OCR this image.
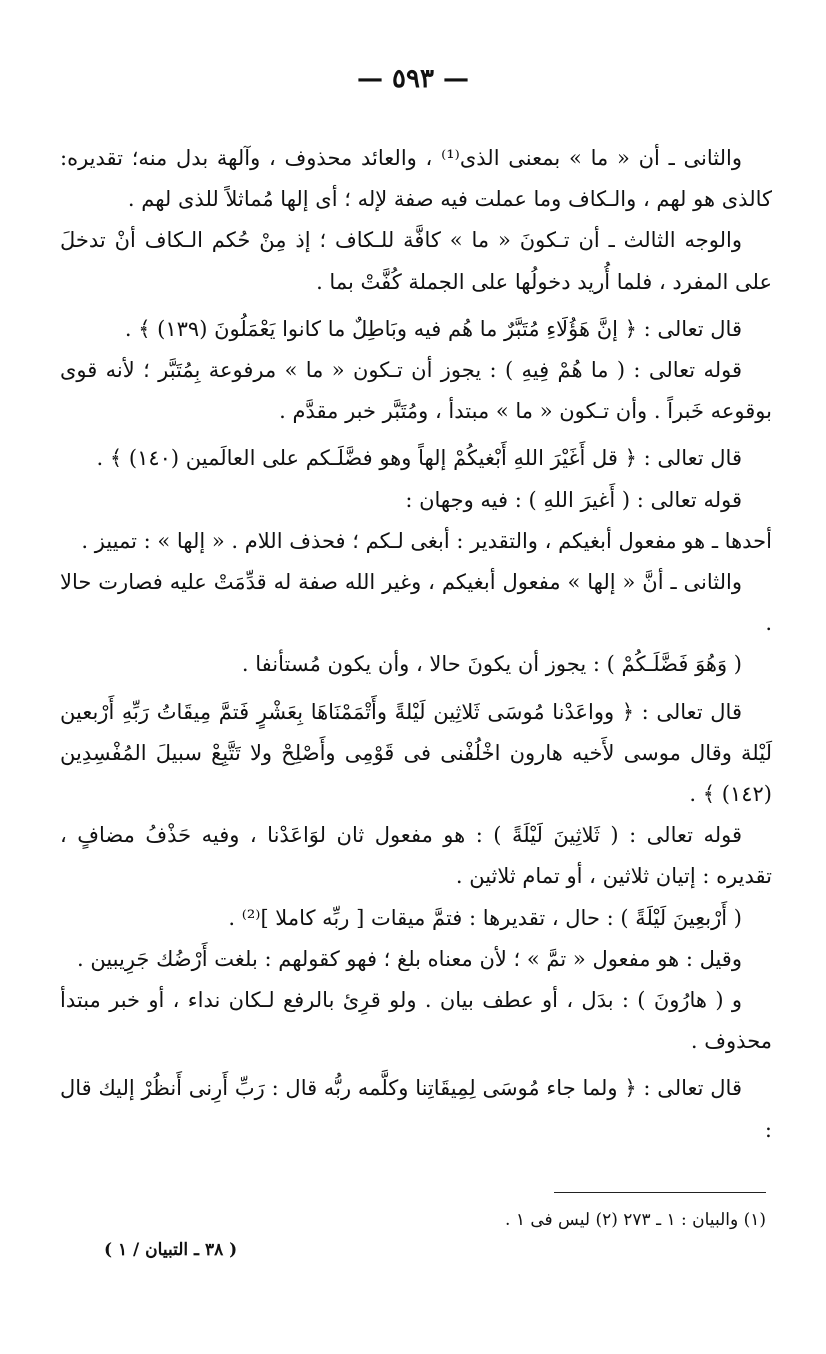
— ٥٩٣ —

والثانى ـ أن « ما » بمعنى الذى⁽¹⁾ ، والعائد محذوف ، وآلهة بدل منه؛ تقديره: كالذى هو لهم ، والـكاف وما عملت فيه صفة لإله ؛ أى إلها مُماثلاً للذى لهم .

والوجه الثالث ـ أن تـكونَ « ما » كافَّة للـكاف ؛ إذ مِنْ حُكم الـكاف أنْ تدخلَ على المفرد ، فلما أُريد دخولُها على الجملة كُفَّتْ بما .

قال تعالى : ﴿ إنَّ هَؤُلَاءِ مُتَبَّرٌ ما هُم فيه وبَاطِلٌ ما كانوا يَعْمَلُونَ (١٣٩) ﴾ .

قوله تعالى : ( ما هُمْ فِيهِ ) : يجوز أن تـكون « ما » مرفوعة بِمُتَبَّر ؛ لأنه قوى بوقوعه خَبراً . وأن تـكون « ما » مبتدأ ، ومُتَبَّر خبر مقدَّم .

قال تعالى : ﴿ قل أَغَيْرَ اللهِ أَبْغيكُمْ إلهاً وهو فضَّلَـكم على العالَمين (١٤٠) ﴾ .

قوله تعالى : ( أَغيرَ اللهِ ) : فيه وجهان :

أحدها ـ هو مفعول أبغيكم ، والتقدير : أبغى لـكم ؛ فحذف اللام . « إلها » : تمييز .

والثانى ـ أنَّ « إلها » مفعول أبغيكم ، وغير الله صفة له قدِّمَتْ عليه فصارت حالا .

( وَهُوَ فَضَّلَـكُمْ ) : يجوز أن يكونَ حالا ، وأن يكون مُستأنفا .

قال تعالى : ﴿ وواعَدْنا مُوسَى ثَلاثِين لَيْلةً وأَتْمَمْنَاهَا بِعَشْرٍ فَتمَّ مِيقَاتُ رَبِّهِ أَرْبعين لَيْلة وقال موسى لأَخيه هارون اخْلُفْنى فى قَوْمِى وأَصْلِحْ ولا تَتَّبِعْ سبيلَ المُفْسِدِين (١٤٢) ﴾ .

قوله تعالى : ( ثَلاثِينَ لَيْلَةً ) : هو مفعول ثان لوَاعَدْنا ، وفيه حَذْفُ مضافٍ ، تقديره : إتيان ثلاثين ، أو تمام ثلاثين .

( أَرْبعِينَ لَيْلَةً ) : حال ، تقديرها : فتمَّ ميقات [ ربِّه كاملا ]⁽²⁾ .

وقيل : هو مفعول « تمَّ » ؛ لأن معناه بلغ ؛ فهو كقولهم : بلغت أَرْضُك جَرِيبين .

و ( هارُونَ ) : بدَل ، أو عطف بيان . ولو قرِئ بالرفع لـكان نداء ، أو خبر مبتدأ محذوف .

قال تعالى : ﴿ ولما جاء مُوسَى لِمِيقَاتِنا وكلَّمه ربُّه قال : رَبِّ أَرِنى أَنظُرْ إليك قال :

(١) والبيان : ١ ـ ٢٧٣ (٢) ليس فى ١ .
( ٣٨ ـ التبيان / ١ )
